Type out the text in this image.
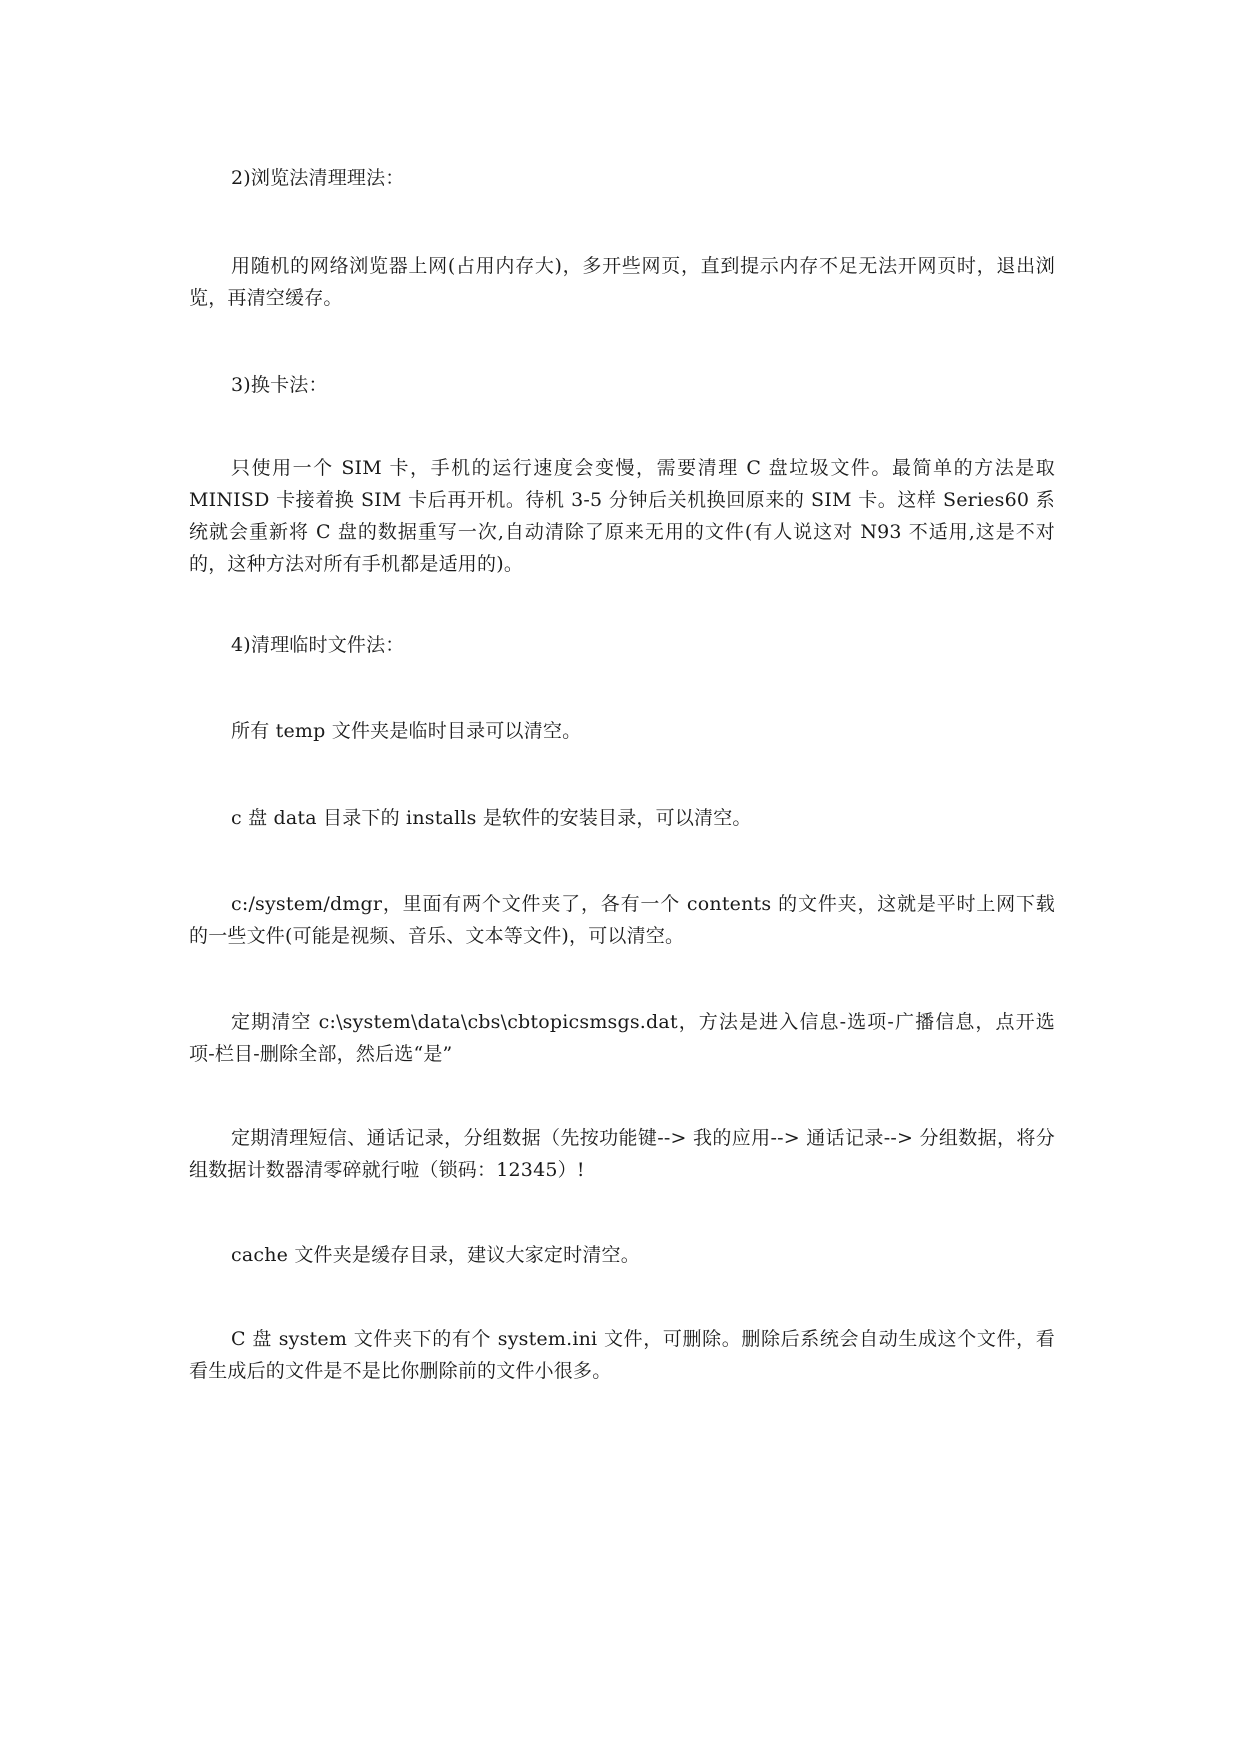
2)浏览法清理理法：

用随机的网络浏览器上网(占用内存大)，多开些网页，直到提示内存不足无法开网页时，退出浏览，再清空缓存。

3)换卡法：

只使用一个 SIM 卡，手机的运行速度会变慢，需要清理 C 盘垃圾文件。最简单的方法是取 MINISD 卡接着换 SIM 卡后再开机。待机 3-5 分钟后关机换回原来的 SIM 卡。这样 Series60 系统就会重新将 C 盘的数据重写一次,自动清除了原来无用的文件(有人说这对 N93 不适用,这是不对的，这种方法对所有手机都是适用的)。

4)清理临时文件法：

所有 temp 文件夹是临时目录可以清空。

c 盘 data 目录下的 installs 是软件的安装目录，可以清空。

c:/system/dmgr，里面有两个文件夹了，各有一个 contents 的文件夹，这就是平时上网下载的一些文件(可能是视频、音乐、文本等文件)，可以清空。

定期清空 c:\system\data\cbs\cbtopicsmsgs.dat，方法是进入信息-选项-广播信息，点开选项-栏目-删除全部，然后选“是”

定期清理短信、通话记录，分组数据（先按功能键--> 我的应用--> 通话记录--> 分组数据，将分组数据计数器清零碎就行啦（锁码：12345）!

cache 文件夹是缓存目录，建议大家定时清空。

C 盘 system 文件夹下的有个 system.ini 文件，可删除。删除后系统会自动生成这个文件，看看生成后的文件是不是比你删除前的文件小很多。
